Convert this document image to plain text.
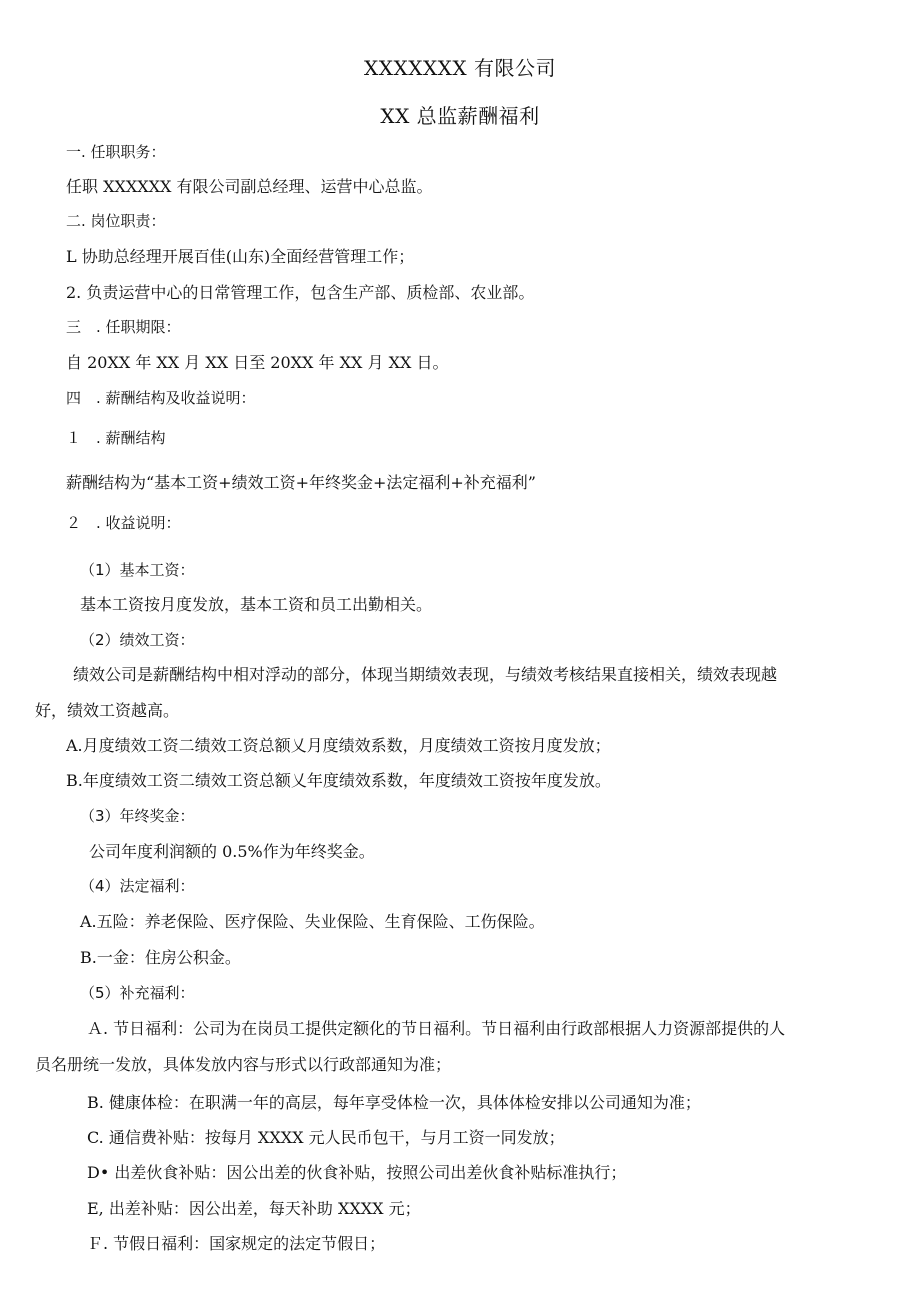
XXXXXXX 有限公司
XX 总监薪酬福利
一. 任职职务：
任职 XXXXXX 有限公司副总经理、运营中心总监。
二. 岗位职责：
L 协助总经理开展百佳(山东)全面经营管理工作；
2. 负责运营中心的日常管理工作，包含生产部、质检部、农业部。
三　. 任职期限：
自 20XX 年 XX 月 XX 日至 20XX 年 XX 月 XX 日。
四　. 薪酬结构及收益说明：
１　. 薪酬结构
薪酬结构为“基本工资+绩效工资+年终奖金+法定福利+补充福利”
２　. 收益说明：
（1）基本工资：
基本工资按月度发放，基本工资和员工出勤相关。
（2）绩效工资：
绩效公司是薪酬结构中相对浮动的部分，体现当期绩效表现，与绩效考核结果直接相关，绩效表现越
好，绩效工资越高。
A.月度绩效工资二绩效工资总额乂月度绩效系数，月度绩效工资按月度发放；
B.年度绩效工资二绩效工资总额乂年度绩效系数，年度绩效工资按年度发放。
（3）年终奖金：
公司年度利润额的 0.5%作为年终奖金。
（4）法定福利：
A.五险：养老保险、医疗保险、失业保险、生育保险、工伤保险。
B.一金：住房公积金。
（5）补充福利：
Ａ. 节日福利：公司为在岗员工提供定额化的节日福利。节日福利由行政部根据人力资源部提供的人
员名册统一发放，具体发放内容与形式以行政部通知为准；
B. 健康体检：在职满一年的高层，每年享受体检一次，具体体检安排以公司通知为准；
C. 通信费补贴：按每月 XXXX 元人民币包干，与月工资一同发放；
D• 出差伙食补贴：因公出差的伙食补贴，按照公司出差伙食补贴标准执行；
E, 出差补贴：因公出差，每天补助 XXXX 元；
Ｆ. 节假日福利：国家规定的法定节假日；
